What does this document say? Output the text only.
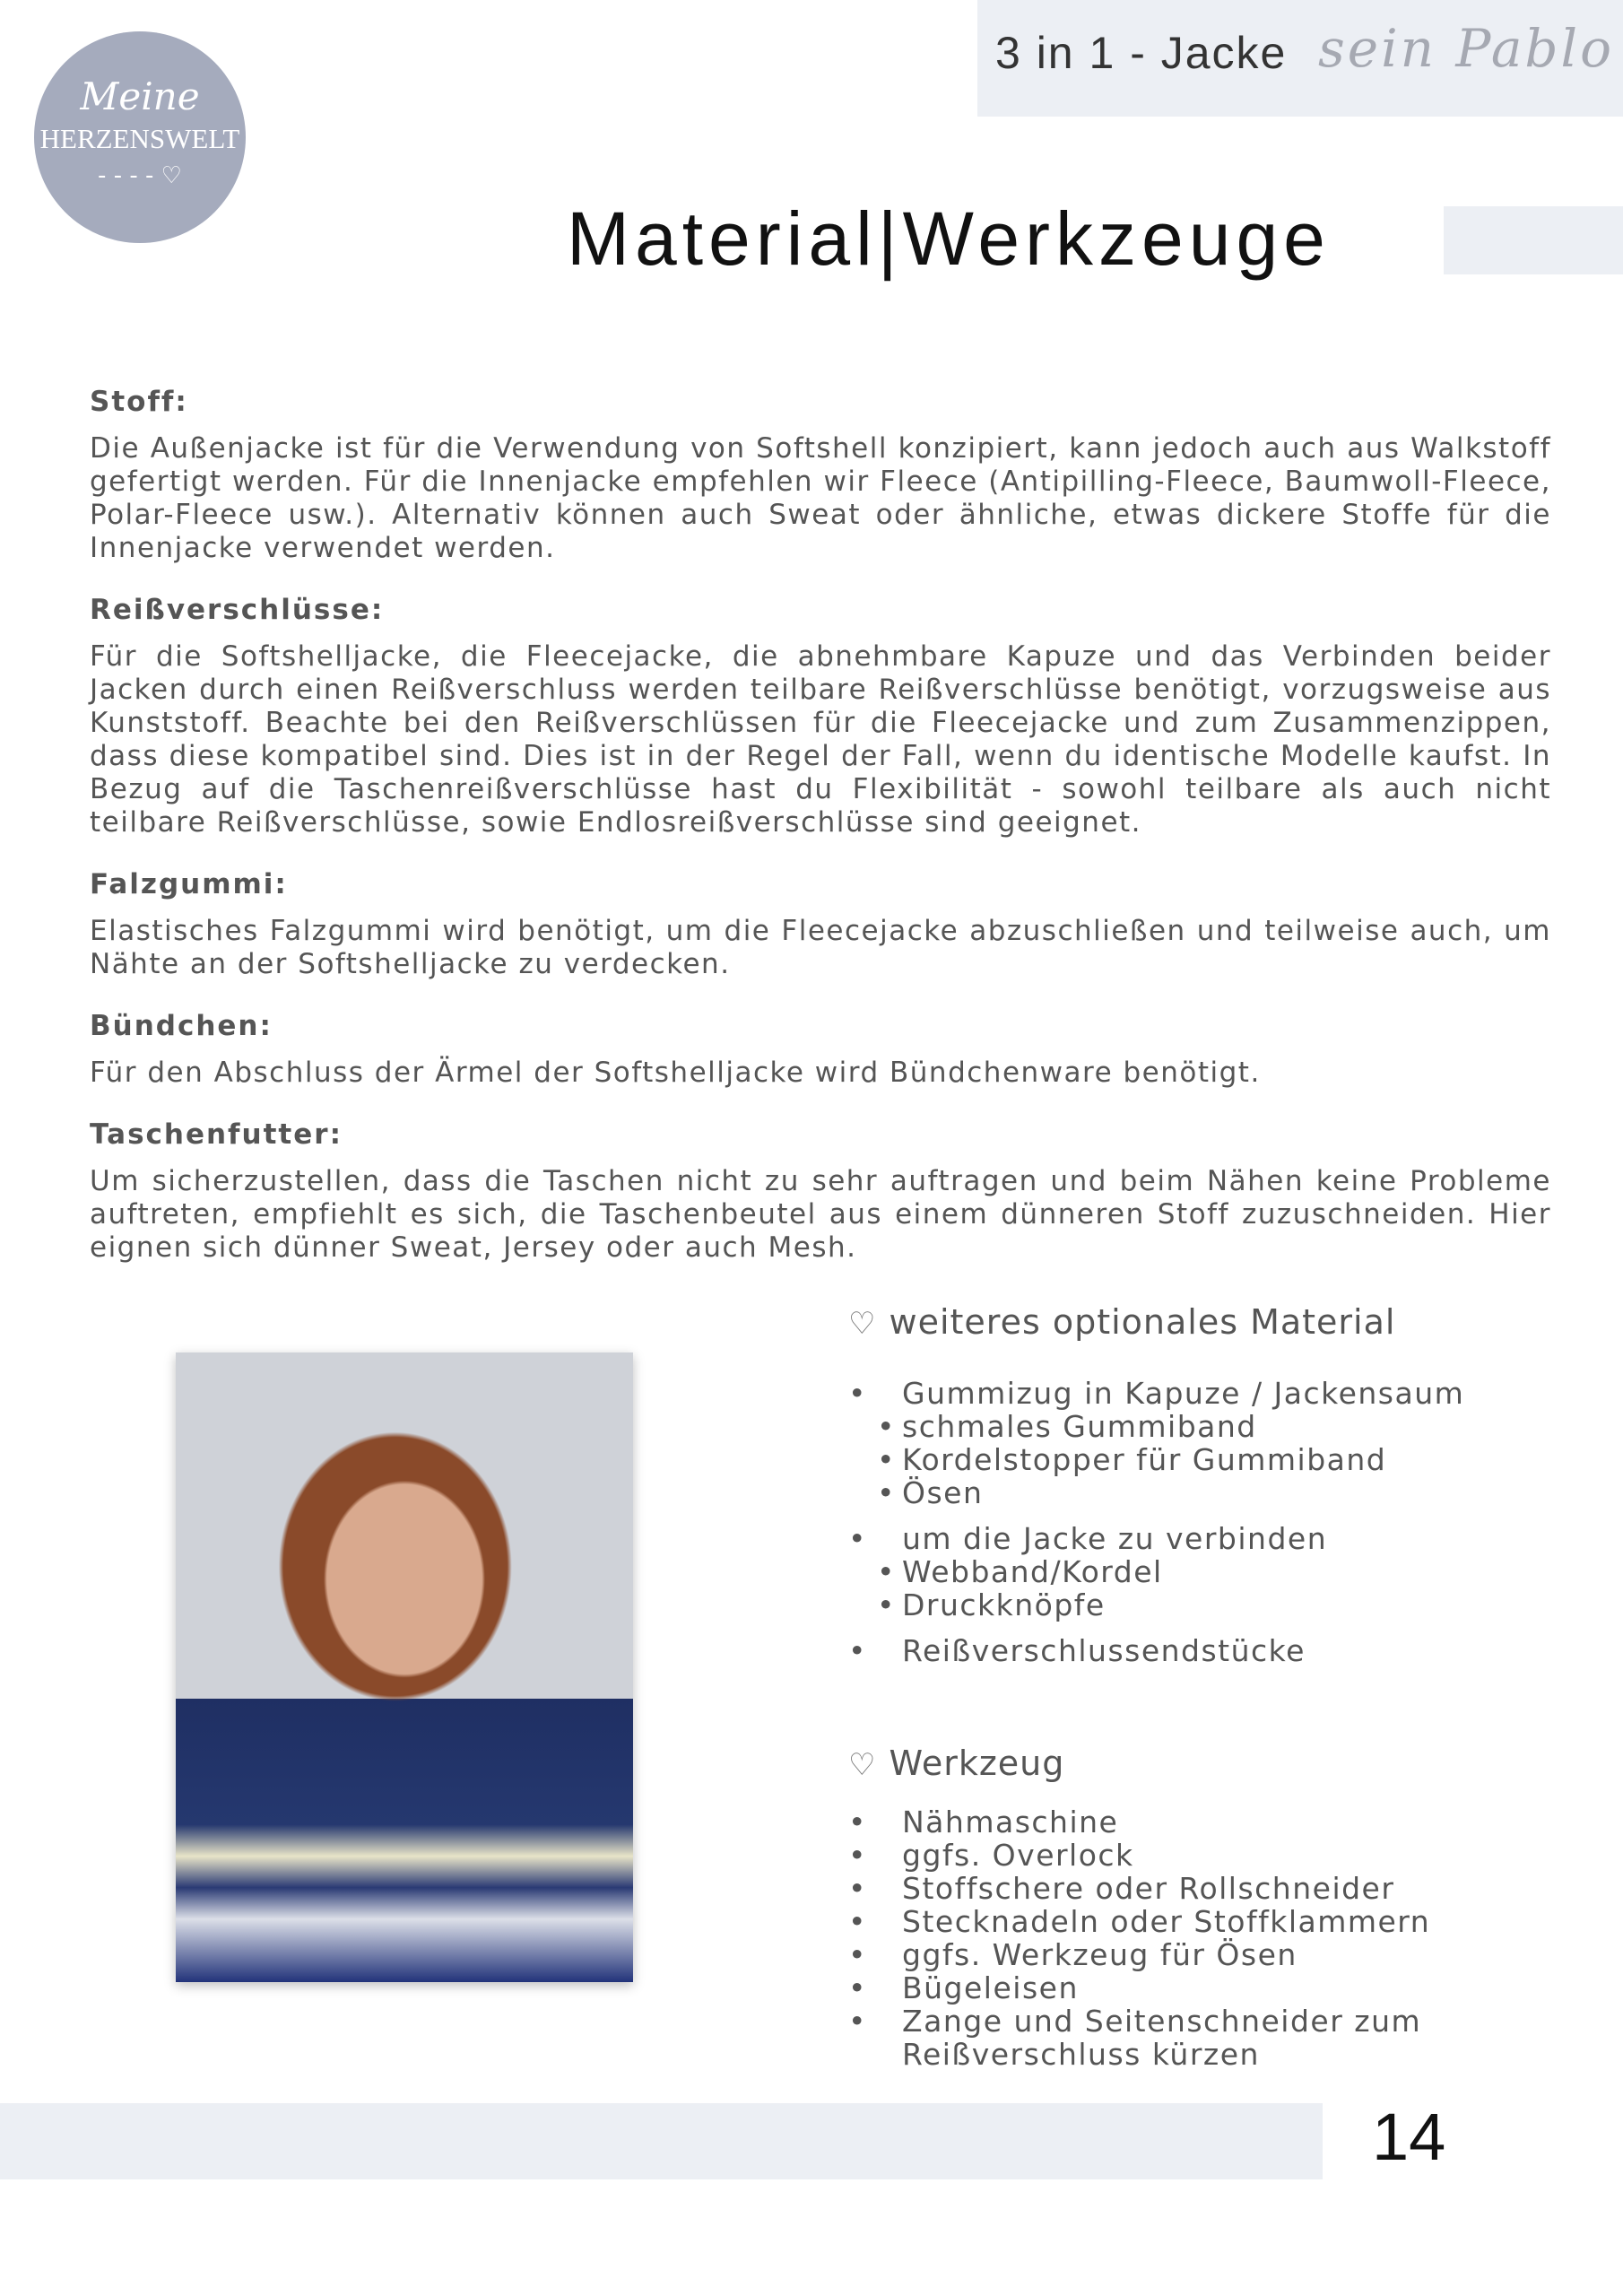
3 in 1 - Jacke sein Pablo
Meine
HERZENSWELT
- - - - ♡
Material|Werkzeuge
Stoff:

Die Außenjacke ist für die Verwendung von Softshell konzipiert, kann jedoch auch aus Walkstoff gefertigt werden. Für die Innenjacke empfehlen wir Fleece (Antipilling-Fleece, Baumwoll-Fleece, Polar-Fleece usw.). Alternativ können auch Sweat oder ähnliche, etwas dickere Stoffe für die Innenjacke verwendet werden.

Reißverschlüsse:

Für die Softshelljacke, die Fleecejacke, die abnehmbare Kapuze und das Verbinden beider Jacken durch einen Reißverschluss werden teilbare Reißverschlüsse benötigt, vorzugsweise aus Kunststoff. Beachte bei den Reißverschlüssen für die Fleecejacke und zum Zusammenzippen, dass diese kompatibel sind. Dies ist in der Regel der Fall, wenn du identische Modelle kaufst. In Bezug auf die Taschenreißverschlüsse hast du Flexibilität - sowohl teilbare als auch nicht teilbare Reißverschlüsse, sowie Endlosreißverschlüsse sind geeignet.

Falzgummi:

Elastisches Falzgummi wird benötigt, um die Fleecejacke abzuschließen und teilweise auch, um Nähte an der Softshelljacke zu verdecken.

Bündchen:

Für den Abschluss der Ärmel der Softshelljacke wird Bündchenware benötigt.

Taschenfutter:

Um sicherzustellen, dass die Taschen nicht zu sehr auftragen und beim Nähen keine Probleme auftreten, empfiehlt es sich, die Taschenbeutel aus einem dünneren Stoff zuzuschneiden. Hier eignen sich dünner Sweat, Jersey oder auch Mesh.

♡ weiteres optionales Material
• Gummizug in Kapuze / Jackensaum
• schmales Gummiband
• Kordelstopper für Gummiband
• Ösen
• um die Jacke zu verbinden
• Webband/Kordel
• Druckknöpfe
• Reißverschlussendstücke
♡ Werkzeug
• Nähmaschine
• ggfs. Overlock
• Stoffschere oder Rollschneider
• Stecknadeln oder Stoffklammern
• ggfs. Werkzeug für Ösen
• Bügeleisen
• Zange und Seitenschneider zum
Reißverschluss kürzen
14
